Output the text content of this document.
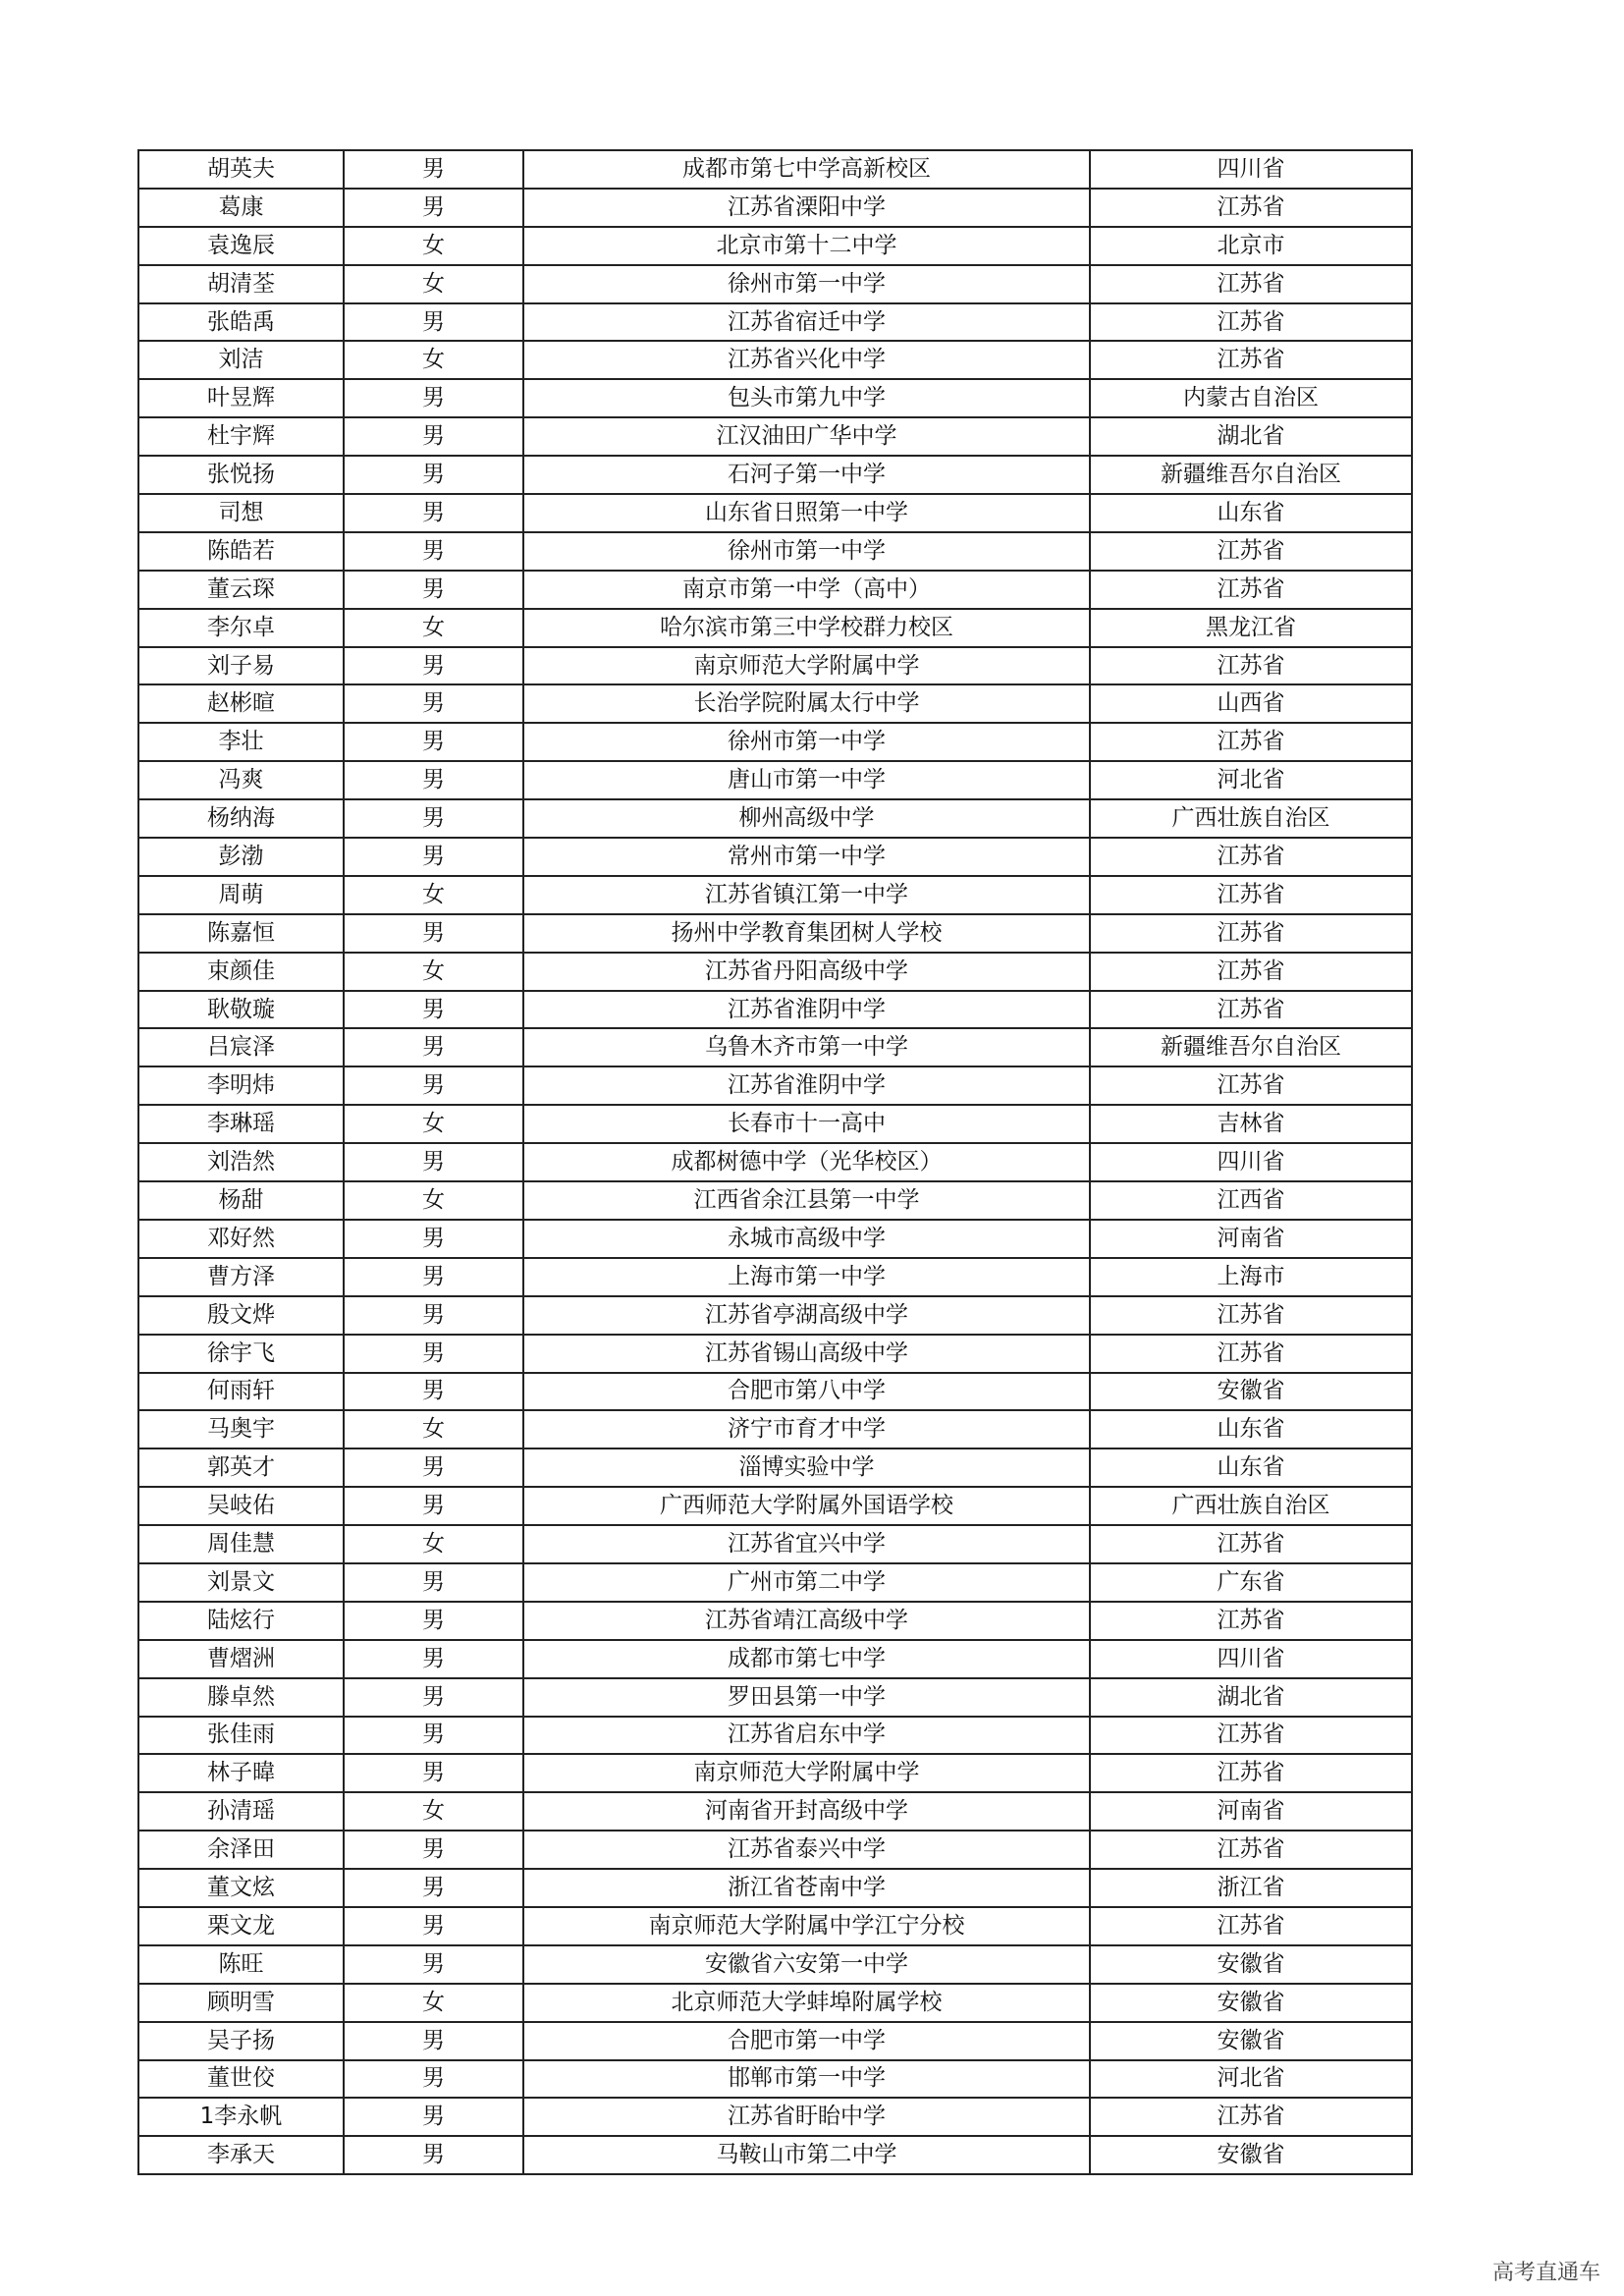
胡英夫	男	成都市第七中学高新校区	四川省
葛康	男	江苏省溧阳中学	江苏省
袁逸辰	女	北京市第十二中学	北京市
胡清荃	女	徐州市第一中学	江苏省
张皓禹	男	江苏省宿迁中学	江苏省
刘洁	女	江苏省兴化中学	江苏省
叶昱辉	男	包头市第九中学	内蒙古自治区
杜宇辉	男	江汉油田广华中学	湖北省
张悦扬	男	石河子第一中学	新疆维吾尔自治区
司想	男	山东省日照第一中学	山东省
陈皓若	男	徐州市第一中学	江苏省
董云琛	男	南京市第一中学（高中）	江苏省
李尔卓	女	哈尔滨市第三中学校群力校区	黑龙江省
刘子易	男	南京师范大学附属中学	江苏省
赵彬暄	男	长治学院附属太行中学	山西省
李壮	男	徐州市第一中学	江苏省
冯爽	男	唐山市第一中学	河北省
杨纳海	男	柳州高级中学	广西壮族自治区
彭渤	男	常州市第一中学	江苏省
周萌	女	江苏省镇江第一中学	江苏省
陈嘉恒	男	扬州中学教育集团树人学校	江苏省
束颜佳	女	江苏省丹阳高级中学	江苏省
耿敬璇	男	江苏省淮阴中学	江苏省
吕宸泽	男	乌鲁木齐市第一中学	新疆维吾尔自治区
李明炜	男	江苏省淮阴中学	江苏省
李琳瑶	女	长春市十一高中	吉林省
刘浩然	男	成都树德中学（光华校区）	四川省
杨甜	女	江西省余江县第一中学	江西省
邓好然	男	永城市高级中学	河南省
曹方泽	男	上海市第一中学	上海市
殷文烨	男	江苏省亭湖高级中学	江苏省
徐宇飞	男	江苏省锡山高级中学	江苏省
何雨轩	男	合肥市第八中学	安徽省
马奥宇	女	济宁市育才中学	山东省
郭英才	男	淄博实验中学	山东省
吴岐佑	男	广西师范大学附属外国语学校	广西壮族自治区
周佳慧	女	江苏省宜兴中学	江苏省
刘景文	男	广州市第二中学	广东省
陆炫行	男	江苏省靖江高级中学	江苏省
曹熠洲	男	成都市第七中学	四川省
滕卓然	男	罗田县第一中学	湖北省
张佳雨	男	江苏省启东中学	江苏省
林子暐	男	南京师范大学附属中学	江苏省
孙清瑶	女	河南省开封高级中学	河南省
余泽田	男	江苏省泰兴中学	江苏省
董文炫	男	浙江省苍南中学	浙江省
栗文龙	男	南京师范大学附属中学江宁分校	江苏省
陈旺	男	安徽省六安第一中学	安徽省
顾明雪	女	北京师范大学蚌埠附属学校	安徽省
吴子扬	男	合肥市第一中学	安徽省
董世佼	男	邯郸市第一中学	河北省
1李永帆	男	江苏省盱眙中学	江苏省
李承天	男	马鞍山市第二中学	安徽省
高考直通车
